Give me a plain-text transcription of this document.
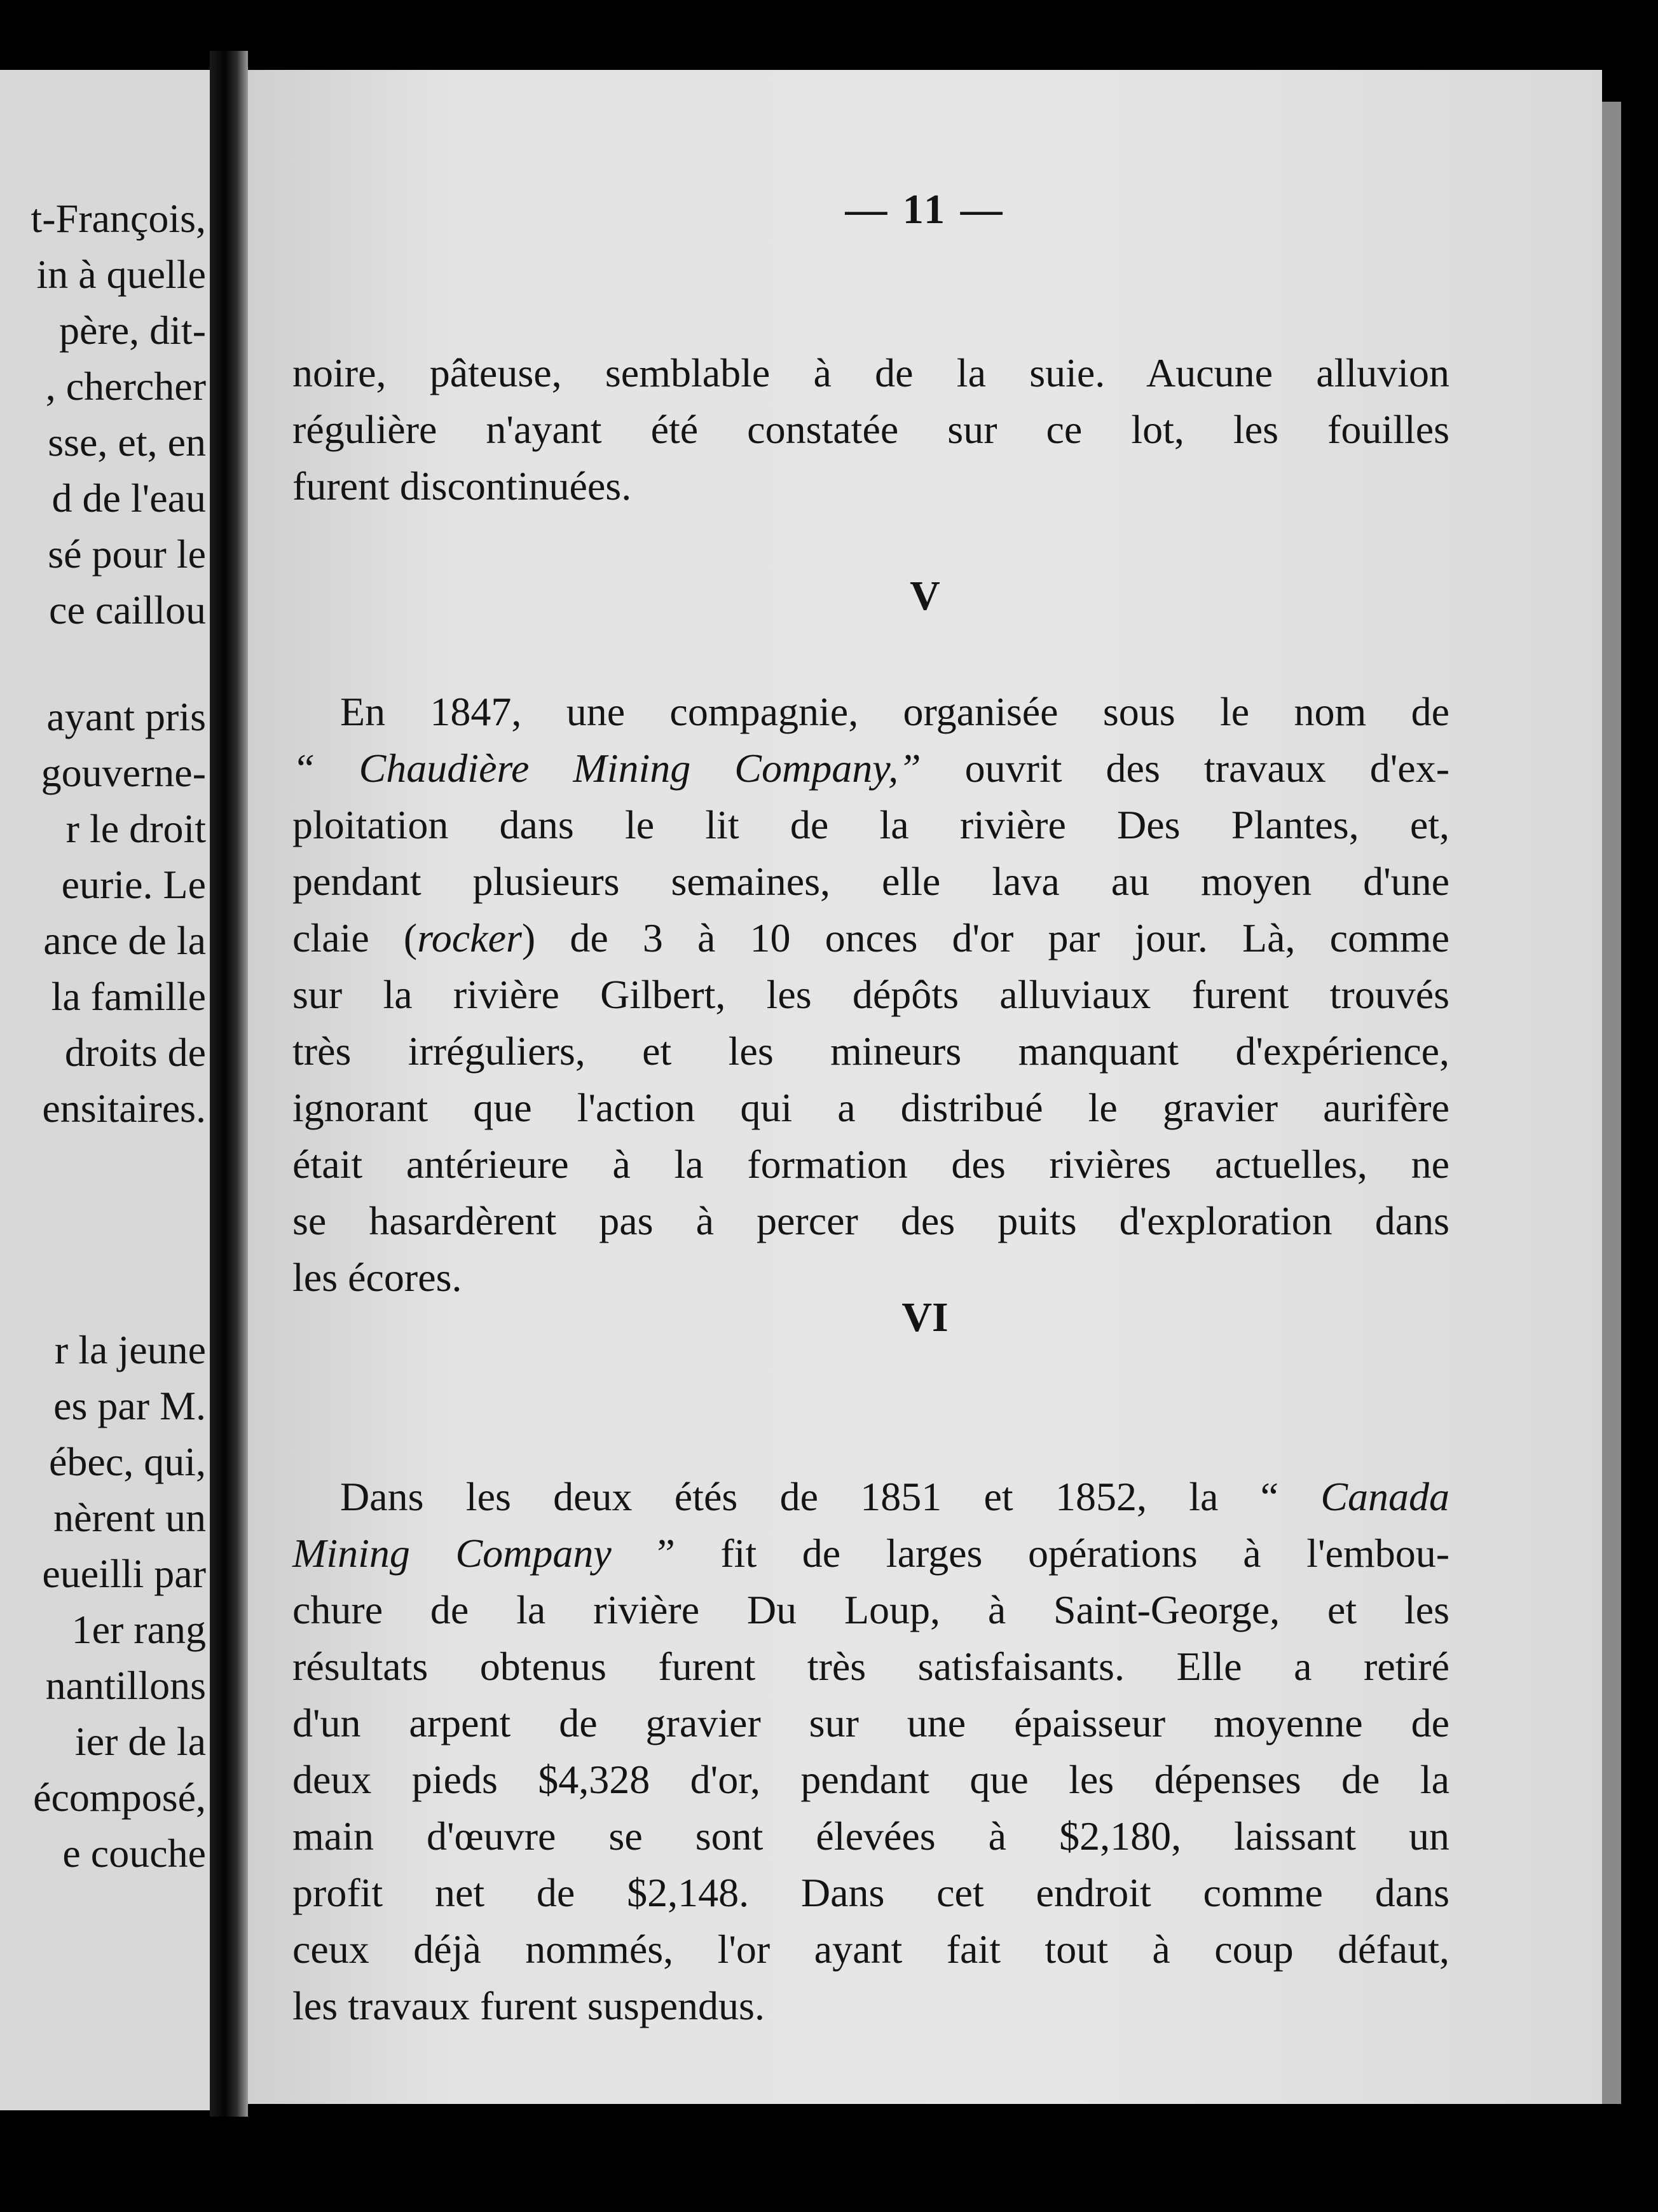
t-François,
in à quelle
père, dit-
, chercher
sse, et, en
d de l'eau
sé pour le
ce caillou
ayant pris
gouverne-
r le droit
eurie. Le
ance de la
la famille
droits de
ensitaires.
r la jeune
es par M.
ébec, qui,
nèrent un
eueilli par
1er rang
nantillons
ier de la
écomposé,
e couche
— 11 —
noire, pâteuse, semblable à de la suie. Aucune alluvion
régulière n'ayant été constatée sur ce lot, les fouilles
furent discontinuées.
V
En 1847, une compagnie, organisée sous le nom de
“ Chaudière Mining Company,” ouvrit des travaux d'ex-
ploitation dans le lit de la rivière Des Plantes, et,
pendant plusieurs semaines, elle lava au moyen d'une
claie (rocker) de 3 à 10 onces d'or par jour. Là, comme
sur la rivière Gilbert, les dépôts alluviaux furent trouvés
très irréguliers, et les mineurs manquant d'expérience,
ignorant que l'action qui a distribué le gravier aurifère
était antérieure à la formation des rivières actuelles, ne
se hasardèrent pas à percer des puits d'exploration dans
les écores.
VI
Dans les deux étés de 1851 et 1852, la “ Canada
Mining Company ” fit de larges opérations à l'embou-
chure de la rivière Du Loup, à Saint-George, et les
résultats obtenus furent très satisfaisants. Elle a retiré
d'un arpent de gravier sur une épaisseur moyenne de
deux pieds $4,328 d'or, pendant que les dépenses de la
main d'œuvre se sont élevées à $2,180, laissant un
profit net de $2,148. Dans cet endroit comme dans
ceux déjà nommés, l'or ayant fait tout à coup défaut,
les travaux furent suspendus.
